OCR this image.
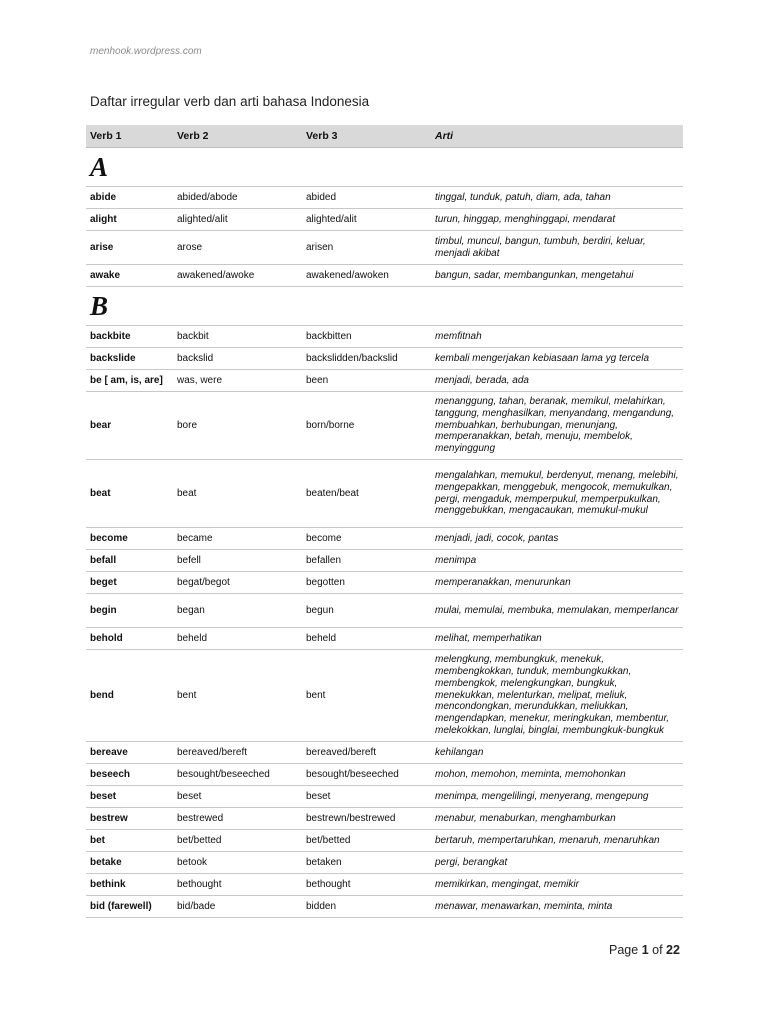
menhook.wordpress.com
Daftar irregular verb dan arti bahasa Indonesia
Verb 1	Verb 2	Verb 3	Arti
A			
abide	abided/abode	abided	tinggal, tunduk, patuh, diam, ada, tahan
alight	alighted/alit	alighted/alit	turun, hinggap, menghinggapi, mendarat
arise	arose	arisen	timbul, muncul, bangun, tumbuh, berdiri, keluar, menjadi akibat
awake	awakened/awoke	awakened/awoken	bangun, sadar, membangunkan, mengetahui
B			
backbite	backbit	backbitten	memfitnah
backslide	backslid	backslidden/backslid	kembali mengerjakan kebiasaan lama yg tercela
be [ am, is, are]	was, were	been	menjadi, berada, ada
bear	bore	born/borne	menanggung, tahan, beranak, memikul, melahirkan, tanggung, menghasilkan, menyandang, mengandung, membuahkan, berhubungan, menunjang, memperanakkan, betah, menuju, membelok, menyinggung
beat	beat	beaten/beat	mengalahkan, memukul, berdenyut, menang, melebihi, mengepakkan, menggebuk, mengocok, memukulkan, pergi, mengaduk, memperpukul, memperpukulkan, menggebukkan, mengacaukan, memukul-mukul
become	became	become	menjadi, jadi, cocok, pantas
befall	befell	befallen	menimpa
beget	begat/begot	begotten	memperanakkan, menurunkan
begin	began	begun	mulai, memulai, membuka, memulakan, memperlancar
behold	beheld	beheld	melihat, memperhatikan
bend	bent	bent	melengkung, membungkuk, menekuk, membengkokkan, tunduk, membungkukkan, membengkok, melengkungkan, bungkuk, menekukkan, melenturkan, melipat, meliuk, mencondongkan, merundukkan, meliukkan, mengendapkan, menekur, meringkukan, membentur, melekokkan, lunglai, binglai, membungkuk-bungkuk
bereave	bereaved/bereft	bereaved/bereft	kehilangan
beseech	besought/beseeched	besought/beseeched	mohon, memohon, meminta, memohonkan
beset	beset	beset	menimpa, mengelilingi, menyerang, mengepung
bestrew	bestrewed	bestrewn/bestrewed	menabur, menaburkan, menghamburkan
bet	bet/betted	bet/betted	bertaruh, mempertaruhkan, menaruh, menaruhkan
betake	betook	betaken	pergi, berangkat
bethink	bethought	bethought	memikirkan, mengingat, memikir
bid (farewell)	bid/bade	bidden	menawar, menawarkan, meminta, minta
Page 1 of 22
